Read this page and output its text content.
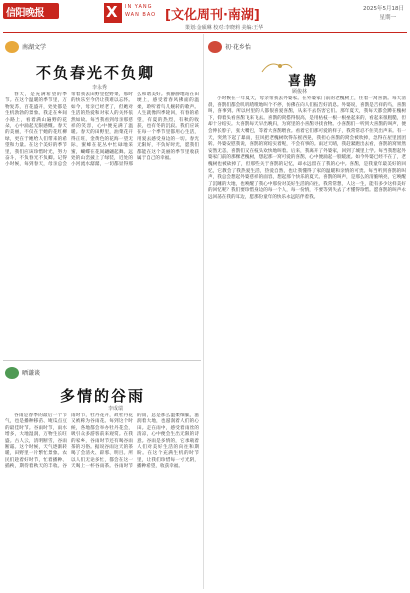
信阳晚报	X IN YANG
WAN BAO [文化周刊·南湖]	2025年5月18日
星期一
策划:金硕琳 校对:李晓莉 美编:王华
南湖文学
不负春光不负卿
李永秀
春天，是充满希望的季节。在这个温暖的季节里，万物复苏，百花盛开，处处都是生机勃勃的景象。我走在乡间小路上，看着满山遍野的花朵，心中涌起无限感慨。春天的美丽，不仅在于她的花红柳绿，更在于她给人们带来的希望和力量。在这个美好的季节里，我们应该珍惜时光，努力奋斗，不负春光不负卿。记得小时候，每到春天，母亲总会带着我去田野里挖野菜，那时的快乐至今仍让我难以忘怀。如今，母亲已经老了，但她对生活的热爱和对家人的关怀依然如故。每当我看到母亲那慈祥的笑容，心中便充满了温暖。春天的田野里，油菜花开得正旺，金黄色的花海一望无际，蜜蜂在花丛中忙碌地采蜜，蝴蝶在花间翩翩起舞。远处的山峦披上了绿装，近处的小河流水潺潺，一切都显得那么和谐美好。我静静地站在田埂上，感受着春风拂面的温柔，聆听着鸟儿婉转的歌声。人生就像四季轮回，有春的希望，有夏的热烈，有秋的收获，也有冬的沉寂。我们应该在每一个季节里都用心生活，用爱去感受身边的一切。春光无限好，不负好时光，愿我们都能在这个美丽的季节里收获属于自己的幸福。
晒谦谈
多情的谷雨
李成瑞
谷雨是春季的最后一个节气，也是播种移苗、埯瓜点豆的最佳时节。谷雨时节，雨水增多，大地湿润，万物生长旺盛。古人云，清明断雪，谷雨断霜。这个时候，天气逐渐转暖，田野里一片繁忙景象。农民们趁着好时节，忙着播种、插秧，期待着秋天的丰收。谷雨时节，牡丹花开，故牡丹花又被称为谷雨花。每到这个时候，各地都会举办牡丹花会，吸引众多游客前来观赏。在我的家乡，谷雨时节还有喝谷雨茶的习俗。据说谷雨这天的茶喝了会清火、辟邪、明目。所以人们无论多忙，都会在这一天喝上一杯谷雨茶。谷雨时节的雨，总是那么温柔细腻，滋润着大地，也滋润着人们的心田。走在雨中，感受着雨丝的清凉，心中便会生出无限的诗意。谷雨是多情的，它承载着人们对美好生活的向往和期盼。在这个充满生机的时节里，让我们珍惜每一寸光阴，播种希望，收获幸福。
初·花乡怡
喜鹊
顾俊林
小时候在一年夏天，母亲带我去外婆家。在外婆家门前的老槐树上，住着一窝喜鹊。每天清晨，喜鹊们都会叽叽喳喳地叫个不停，仿佛在向人们报告好消息。外婆说，喜鹊是吉祥的鸟，喜鹊叫，喜事到。所以村里的人都很喜爱喜鹊，从来不去伤害它们。那年夏天，我每天都会蹲在槐树下，仰着头看喜鹊飞来飞去。喜鹊的窝搭得很高，是用枯枝一根一根垒起来的，看起来很粗糙，但却十分结实。大喜鹊每天早出晚归，为窝里的小喜鹊寻找食物。小喜鹊们一听到大喜鹊的叫声，便会伸长脖子，张大嘴巴，等着大喜鹊喂食。看着它们那可爱的样子，我常常忍不住笑出声来。有一天，突然下起了暴雨，狂风把老槐树吹得东摇西晃，我担心喜鹊的窝会被吹掉，急得在屋里团团转。外婆安慰我说，喜鹊的窝结实着呢，不会有事的。雨过天晴，我赶紧跑出去看，喜鹊的窝果然安然无恙，喜鹊们又在枝头欢快地叫着。后来，我离开了外婆家，回到了城里上学。每当我想起外婆家门前的那棵老槐树，想起那一窝可爱的喜鹊，心中便涌起一股暖流。如今外婆已经不在了，老槐树也被砍掉了，但那些关于喜鹊的记忆，却永远留在了我的心中。喜鹊，是我童年最美好的回忆，它教会了我热爱生活，热爱自然，也让我懂得了家的温暖和亲情的可贵。每当听到喜鹊的叫声，我总会想起外婆慈祥的面容，想起那个快乐的夏天。喜鹊的叫声，是那么的清脆响亮，它唤醒了沉睡的大地，也唤醒了我心中那份对美好生活的向往。我常常想，人这一生，能有多少这样美好的回忆呢？我们要珍惜身边的每一个人，每一份情，不要等到失去了才懂得珍惜。愿喜鹊的叫声永远回荡在我的耳边，愿那份童年的快乐永远陪伴着我。
